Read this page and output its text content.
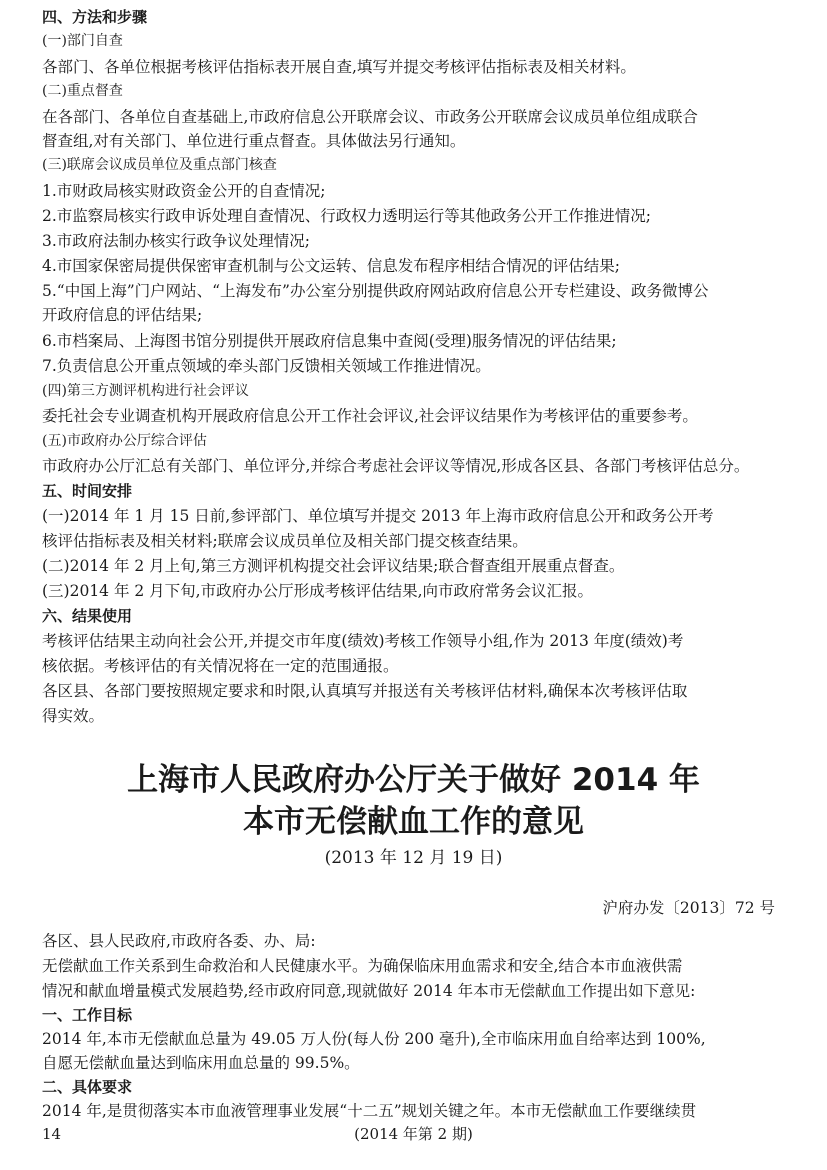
四、方法和步骤
(一)部门自查
各部门、各单位根据考核评估指标表开展自查,填写并提交考核评估指标表及相关材料。
(二)重点督查
在各部门、各单位自查基础上,市政府信息公开联席会议、市政务公开联席会议成员单位组成联合
督查组,对有关部门、单位进行重点督查。具体做法另行通知。
(三)联席会议成员单位及重点部门核查
1.市财政局核实财政资金公开的自查情况;
2.市监察局核实行政申诉处理自查情况、行政权力透明运行等其他政务公开工作推进情况;
3.市政府法制办核实行政争议处理情况;
4.市国家保密局提供保密审查机制与公文运转、信息发布程序相结合情况的评估结果;
5.“中国上海”门户网站、“上海发布”办公室分别提供政府网站政府信息公开专栏建设、政务微博公
开政府信息的评估结果;
6.市档案局、上海图书馆分别提供开展政府信息集中查阅(受理)服务情况的评估结果;
7.负责信息公开重点领域的牵头部门反馈相关领域工作推进情况。
(四)第三方测评机构进行社会评议
委托社会专业调查机构开展政府信息公开工作社会评议,社会评议结果作为考核评估的重要参考。
(五)市政府办公厅综合评估
市政府办公厅汇总有关部门、单位评分,并综合考虑社会评议等情况,形成各区县、各部门考核评估总分。
五、时间安排
(一)2014 年 1 月 15 日前,参评部门、单位填写并提交 2013 年上海市政府信息公开和政务公开考
核评估指标表及相关材料;联席会议成员单位及相关部门提交核查结果。
(二)2014 年 2 月上旬,第三方测评机构提交社会评议结果;联合督查组开展重点督查。
(三)2014 年 2 月下旬,市政府办公厅形成考核评估结果,向市政府常务会议汇报。
六、结果使用
考核评估结果主动向社会公开,并提交市年度(绩效)考核工作领导小组,作为 2013 年度(绩效)考
核依据。考核评估的有关情况将在一定的范围通报。
各区县、各部门要按照规定要求和时限,认真填写并报送有关考核评估材料,确保本次考核评估取
得实效。
上海市人民政府办公厅关于做好 2014 年
本市无偿献血工作的意见
(2013 年 12 月 19 日)
沪府办发〔2013〕72 号
各区、县人民政府,市政府各委、办、局:
无偿献血工作关系到生命救治和人民健康水平。为确保临床用血需求和安全,结合本市血液供需
情况和献血增量模式发展趋势,经市政府同意,现就做好 2014 年本市无偿献血工作提出如下意见:
一、工作目标
2014 年,本市无偿献血总量为 49.05 万人份(每人份 200 毫升),全市临床用血自给率达到 100%,
自愿无偿献血量达到临床用血总量的 99.5%。
二、具体要求
2014 年,是贯彻落实本市血液管理事业发展“十二五”规划关键之年。本市无偿献血工作要继续贯
14	(2014 年第 2 期)
